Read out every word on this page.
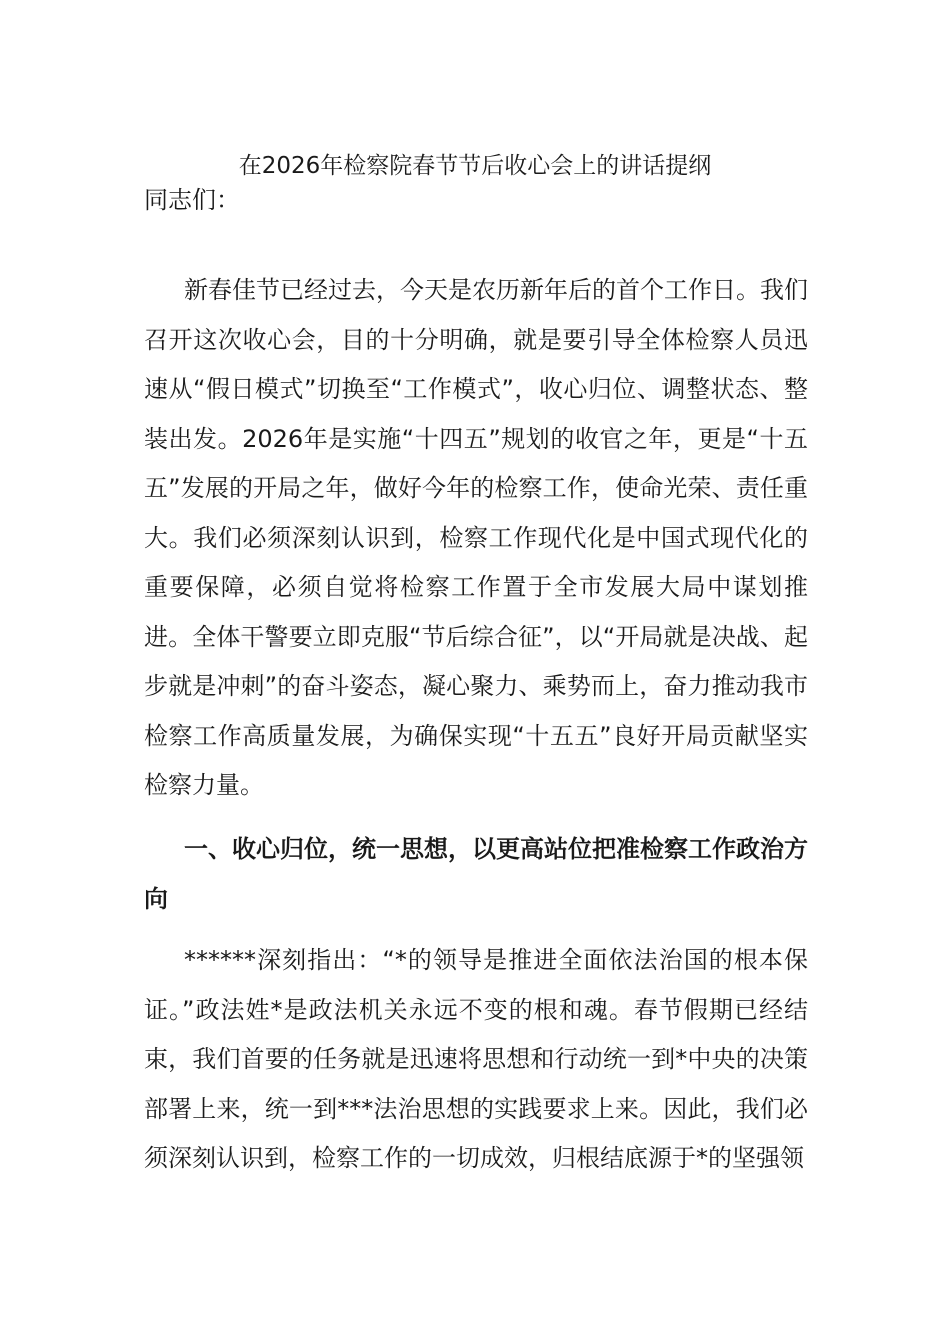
在2026年检察院春节节后收心会上的讲话提纲

同志们：

新春佳节已经过去，今天是农历新年后的首个工作日。我们召开这次收心会，目的十分明确，就是要引导全体检察人员迅速从“假日模式”切换至“工作模式”，收心归位、调整状态、整装出发。2026年是实施“十四五”规划的收官之年，更是“十五五”发展的开局之年，做好今年的检察工作，使命光荣、责任重大。我们必须深刻认识到，检察工作现代化是中国式现代化的重要保障，必须自觉将检察工作置于全市发展大局中谋划推进。全体干警要立即克服“节后综合征”，以“开局就是决战、起步就是冲刺”的奋斗姿态，凝心聚力、乘势而上，奋力推动我市检察工作高质量发展，为确保实现“十五五”良好开局贡献坚实检察力量。

一、收心归位，统一思想，以更高站位把准检察工作政治方向

******深刻指出：“*的领导是推进全面依法治国的根本保证。”政法姓*是政法机关永远不变的根和魂。春节假期已经结束，我们首要的任务就是迅速将思想和行动统一到*中央的决策部署上来，统一到***法治思想的实践要求上来。因此，我们必须深刻认识到，检察工作的一切成效，归根结底源于*的坚强领
